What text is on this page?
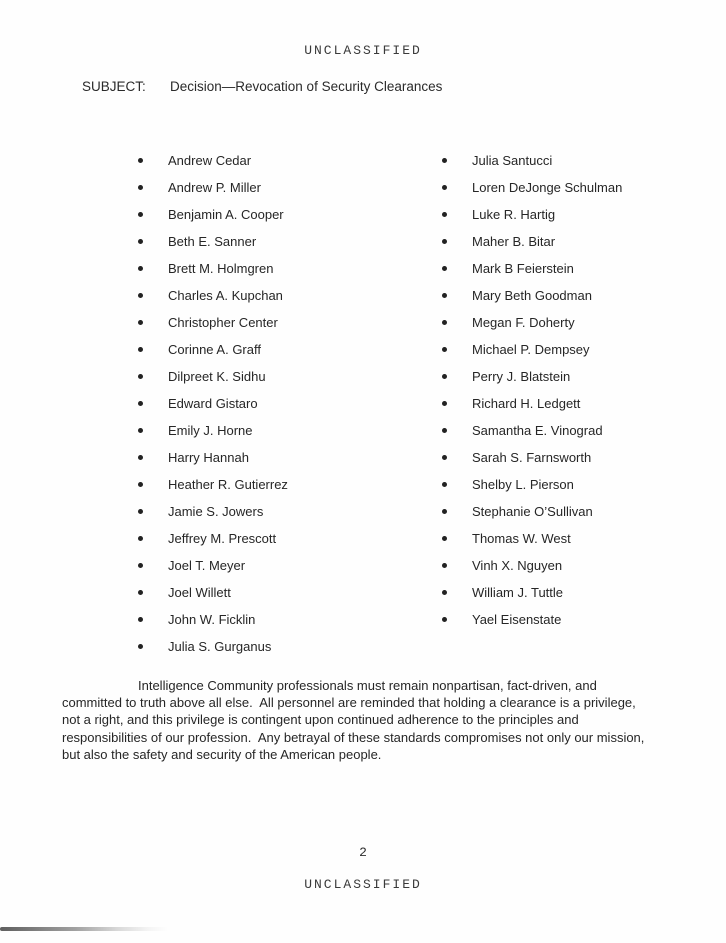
UNCLASSIFIED
SUBJECT: Decision—Revocation of Security Clearances
Andrew Cedar
Andrew P. Miller
Benjamin A. Cooper
Beth E. Sanner
Brett M. Holmgren
Charles A. Kupchan
Christopher Center
Corinne A. Graff
Dilpreet K. Sidhu
Edward Gistaro
Emily J. Horne
Harry Hannah
Heather R. Gutierrez
Jamie S. Jowers
Jeffrey M. Prescott
Joel T. Meyer
Joel Willett
John W. Ficklin
Julia S. Gurganus
Julia Santucci
Loren DeJonge Schulman
Luke R. Hartig
Maher B. Bitar
Mark B Feierstein
Mary Beth Goodman
Megan F. Doherty
Michael P. Dempsey
Perry J. Blatstein
Richard H. Ledgett
Samantha E. Vinograd
Sarah S. Farnsworth
Shelby L. Pierson
Stephanie O’Sullivan
Thomas W. West
Vinh X. Nguyen
William J. Tuttle
Yael Eisenstate

Intelligence Community professionals must remain nonpartisan, fact-driven, and committed to truth above all else.  All personnel are reminded that holding a clearance is a privilege, not a right, and this privilege is contingent upon continued adherence to the principles and responsibilities of our profession.  Any betrayal of these standards compromises not only our mission, but also the safety and security of the American people.

2
UNCLASSIFIED
